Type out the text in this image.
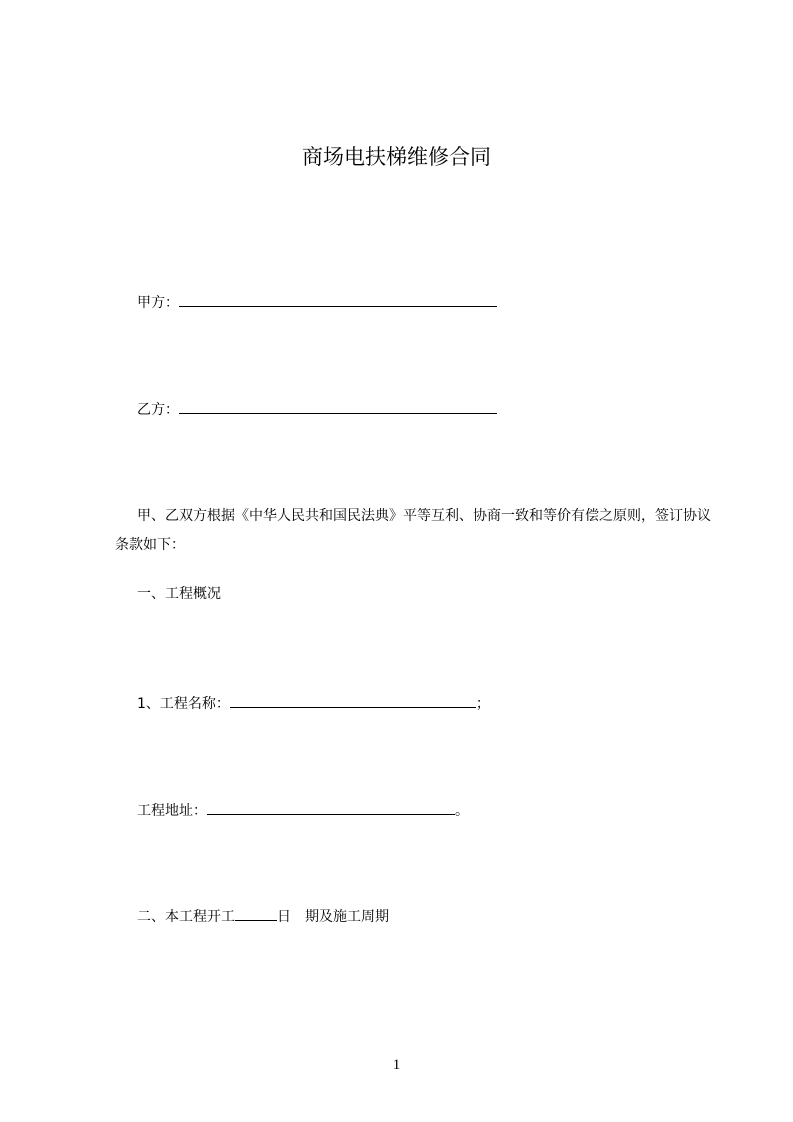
商场电扶梯维修合同
甲方：
乙方：

甲、乙双方根据《中华人民共和国民法典》平等互利、协商一致和等价有偿之原则，签订协议条款如下：

一、工程概况
1、工程名称：	；
工程地址：	。
二、本工程开工	日 期及施工周期
1
